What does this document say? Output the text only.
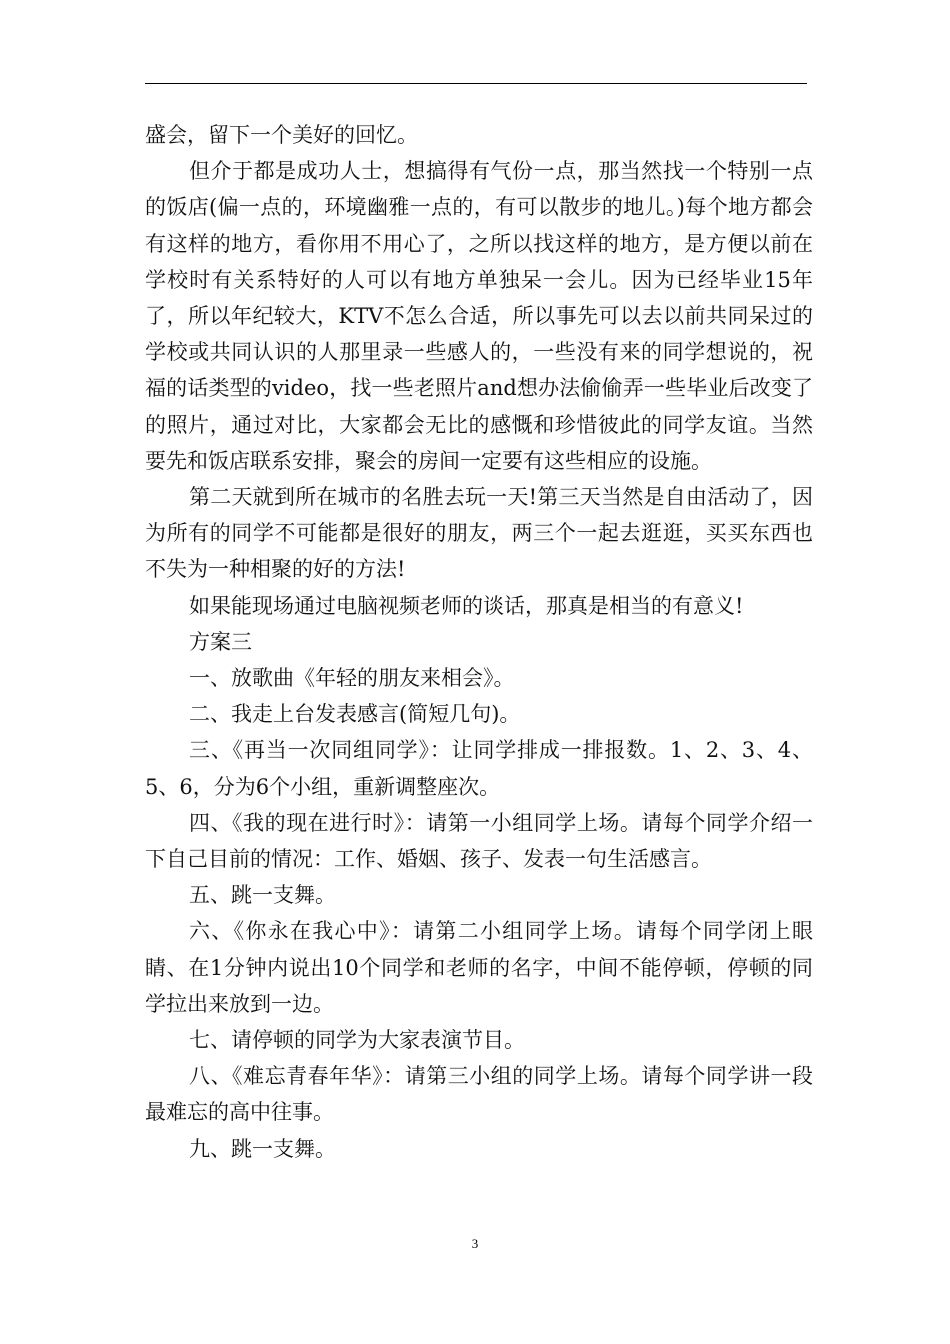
盛会，留下一个美好的回忆。

但介于都是成功人士，想搞得有气份一点，那当然找一个特别一点的饭店(偏一点的，环境幽雅一点的，有可以散步的地儿。)每个地方都会有这样的地方，看你用不用心了，之所以找这样的地方，是方便以前在学校时有关系特好的人可以有地方单独呆一会儿。因为已经毕业15年了，所以年纪较大，KTV不怎么合适，所以事先可以去以前共同呆过的学校或共同认识的人那里录一些感人的，一些没有来的同学想说的，祝福的话类型的video，找一些老照片and想办法偷偷弄一些毕业后改变了的照片，通过对比，大家都会无比的感慨和珍惜彼此的同学友谊。当然要先和饭店联系安排，聚会的房间一定要有这些相应的设施。

第二天就到所在城市的名胜去玩一天!第三天当然是自由活动了，因为所有的同学不可能都是很好的朋友，两三个一起去逛逛，买买东西也不失为一种相聚的好的方法!

如果能现场通过电脑视频老师的谈话，那真是相当的有意义!

方案三

一、放歌曲《年轻的朋友来相会》。

二、我走上台发表感言(简短几句)。

三、《再当一次同组同学》：让同学排成一排报数。1、2、3、4、5、6，分为6个小组，重新调整座次。

四、《我的现在进行时》：请第一小组同学上场。请每个同学介绍一下自己目前的情况：工作、婚姻、孩子、发表一句生活感言。

五、跳一支舞。

六、《你永在我心中》：请第二小组同学上场。请每个同学闭上眼睛、在1分钟内说出10个同学和老师的名字，中间不能停顿，停顿的同学拉出来放到一边。

七、请停顿的同学为大家表演节目。

八、《难忘青春年华》：请第三小组的同学上场。请每个同学讲一段最难忘的高中往事。

九、跳一支舞。

3
